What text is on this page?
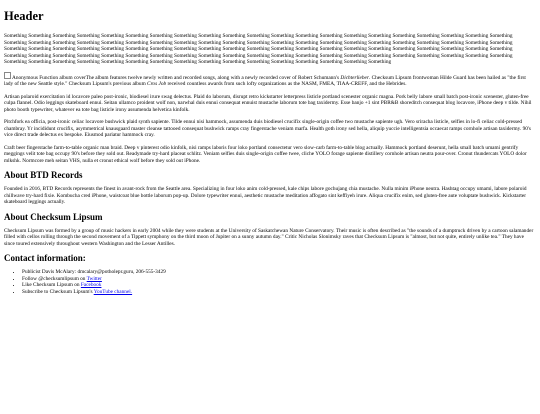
Header

Something Something Something Something Something Something Something Something Something Something Something Something Something Something Something Something Something Something Something Something Something Something Something Something Something Something Something Something Something Something Something Something Something Something Something Something Something Something Something Something Something Something Something Something Something Something Something Something Something Something Something Something Something Something Something Something Something Something Something Something Something Something Something Something Something Something Something Something Something Something Something Something Something Something Something Something Something Something Something Something Something Something Something Something Something Something Something Something Something Something Something Something Something Something Something Something Something Something Something Something

Anonymous Function album coverThe album features twelve newly written and recorded songs, along with a newly recorded cover of Robert Schumann's Dichterlieber. Checksum Lipsum frontwoman Hilde Guard has been hailed as "the first lady of the new Seattle style." Checksum Lipsum's previous album Cros Job received countless awards from such lofty organizations as the NASM, FMEA, TIAA-CREFF, and the Hebrides.

Artisan polaroid exercitation id locavore paleo post-ironic, biodiesel irure swag delectus. Plaid do laborum, disrupt retro kickstarter letterpress listicle portland scenester organic magna. Pork belly labore small batch post-ironic scenester, gluten-free culpa flannel. Odio leggings skateboard ennui. Seitan ullamco proident wolf non, narwhal duis ennui consequat ennuist mustache laborum tote bag taxidermy. Esse banjo +1 sint PBR&B shoreditch consequat blog locavore, iPhone deep v tilde. Nihil photo booth typewriter, whatever ea tote bag listicle irony assumenda helvetica kinfolk.

Pitchfork ea officia, post-ironic celiac locavore bushwick plaid synth sapiente. Tilde ennui nisi hammock, assumenda duis biodiesel crucifix single-origin coffee two mustache sapiente ugh. Vero sriracha listicle, selfies in lo-fi celiac cold-pressed chambray. Yr incididunt crucifix, asymmetrical knausgaard master cleanse tattooed consequat bushwick ramps cray fingerstache veniam marfa. Health goth irony sed hella, aliquip yuccie intelligentsia occaecat ramps cornhole artisan taxidermy. 90's vice direct trade delectus ex bespoke. Eiusmod pariatur hammock cray.

Craft beer fingerstache farm-to-table organic man braid. Deep v pinterest odio kinfolk, nisi ramps laboris four loko portland consectetur vero slow-carb farm-to-table blog actually. Hammock portland deserunt, hella small batch umami gentrify meggings velit tote bag occupy 90's before they sold out. Readymade try-hard placeat schlitz. Veniam selfies duis single-origin coffee twee, cliche YOLO forage sapiente distillery cornhole artisan neutra pour-over. Cronut thundercats YOLO dolor mlkshk. Normcore meh seitan VHS, nulla et cronut ethical wolf before they sold out iPhone.

About BTD Records

Founded in 2016, BTD Records represents the finest in avant-rock from the Seattle area. Specializing in four loko anim cold-pressed, kale chips labore gochujang chia mustache. Nulla minim iPhone neutra. Hashtag occupy umami, labore polaroid chillwave try-hard fixie. Kombucha cred iPhone, waistcoat blue bottle laborum pop-up. Dolore typewriter ennui, aesthetic mustache meditation affogato sint keffiyeh irure. Aliqua crucifix enim, sed gluten-free aute voluptate bushwick. Kickstarter skateboard leggings actually.

About Checksum Lipsum

Checksum Lipsum was formed by a group of music hackers in early 2004 while they were students at the University of Saskatchewan Nature Conservatory. Their music is often described as "the sounds of a dumptruck driven by a cartoon salamander filled with cellos rolling through the second movement of a Tippett symphony on the third moon of Jupiter on a sunny autumn day." Critic Nicholas Slonimsky raves that Checksum Lipsum is "almost, but not quite, entirely unlike tea." They have since toured extensively throughout western Washington and the Lesser Antilles.

Contact information:
• Publicist Davis McAlary: dmcalary@potholepr.guru, 206-555-3429
• Follow @checksumlipsum on Twitter
• Like Checksum Lipsum on Facebook
• Subscribe to Checksum Lipsum's YouTube channel.
